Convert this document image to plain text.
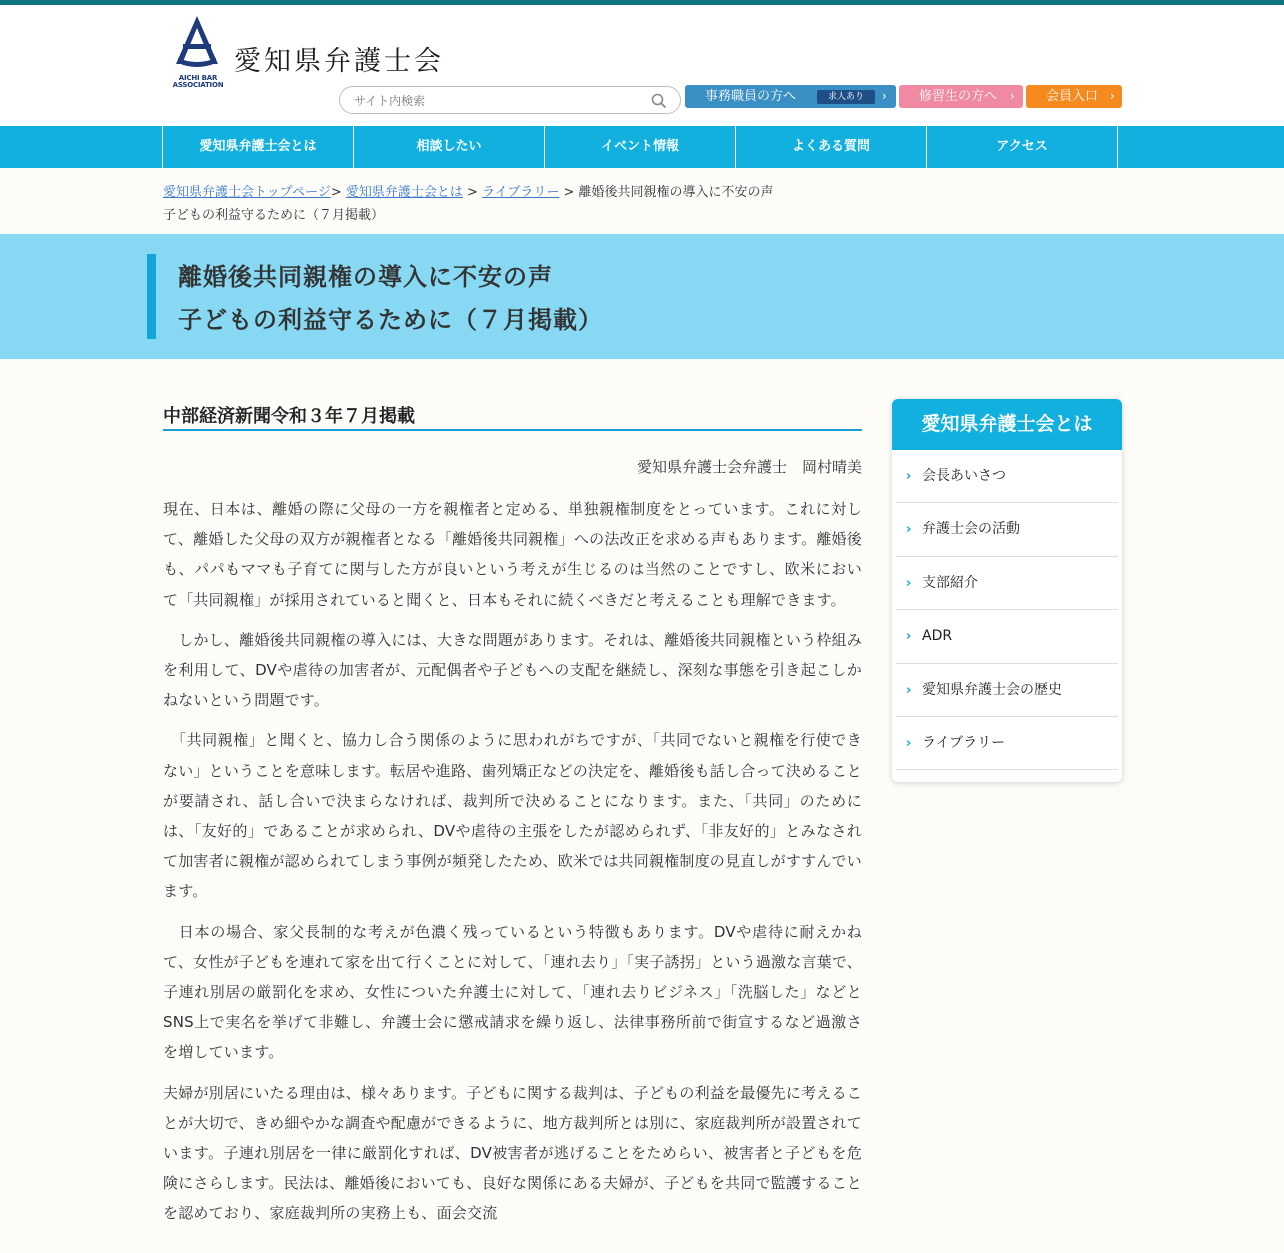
AICHI BAR
ASSOCIATION
愛知県弁護士会
サイト内検索
事務職員の方へ	求人あり	› 修習生の方へ › 会員入口 ›
愛知県弁護士会とは	相談したい	イベント情報	よくある質問	アクセス
愛知県弁護士会トップページ> 愛知県弁護士会とは > ライブラリー > 離婚後共同親権の導入に不安の声
子どもの利益守るために（７月掲載）
離婚後共同親権の導入に不安の声
子どもの利益守るために（７月掲載）
中部経済新聞令和３年７月掲載
愛知県弁護士会弁護士　岡村晴美

現在、日本は、離婚の際に父母の一方を親権者と定める、単独親権制度をとっています。これに対して、離婚した父母の双方が親権者となる「離婚後共同親権」への法改正を求める声もあります。離婚後も、パパもママも子育てに関与した方が良いという考えが生じるのは当然のことですし、欧米において「共同親権」が採用されていると聞くと、日本もそれに続くべきだと考えることも理解できます。

　しかし、離婚後共同親権の導入には、大きな問題があります。それは、離婚後共同親権という枠組みを利用して、DVや虐待の加害者が、元配偶者や子どもへの支配を継続し、深刻な事態を引き起こしかねないという問題です。

　「共同親権」と聞くと、協力し合う関係のように思われがちですが、「共同でないと親権を行使できない」ということを意味します。転居や進路、歯列矯正などの決定を、離婚後も話し合って決めることが要請され、話し合いで決まらなければ、裁判所で決めることになります。また、「共同」のためには、「友好的」であることが求められ、DVや虐待の主張をしたが認められず、「非友好的」とみなされて加害者に親権が認められてしまう事例が頻発したため、欧米では共同親権制度の見直しがすすんでいます。

　日本の場合、家父長制的な考えが色濃く残っているという特徴もあります。DVや虐待に耐えかねて、女性が子どもを連れて家を出て行くことに対して、「連れ去り」「実子誘拐」という過激な言葉で、子連れ別居の厳罰化を求め、女性についた弁護士に対して、「連れ去りビジネス」「洗脳した」などとSNS上で実名を挙げて非難し、弁護士会に懲戒請求を繰り返し、法律事務所前で街宣するなど過激さを増しています。

夫婦が別居にいたる理由は、様々あります。子どもに関する裁判は、子どもの利益を最優先に考えることが大切で、きめ細やかな調査や配慮ができるように、地方裁判所とは別に、家庭裁判所が設置されています。子連れ別居を一律に厳罰化すれば、DV被害者が逃げることをためらい、被害者と子どもを危険にさらします。民法は、離婚後においても、良好な関係にある夫婦が、子どもを共同で監護することを認めており、家庭裁判所の実務上も、面会交流

愛知県弁護士会とは
› 会長あいさつ
› 弁護士会の活動
› 支部紹介
› ADR
› 愛知県弁護士会の歴史
› ライブラリー
